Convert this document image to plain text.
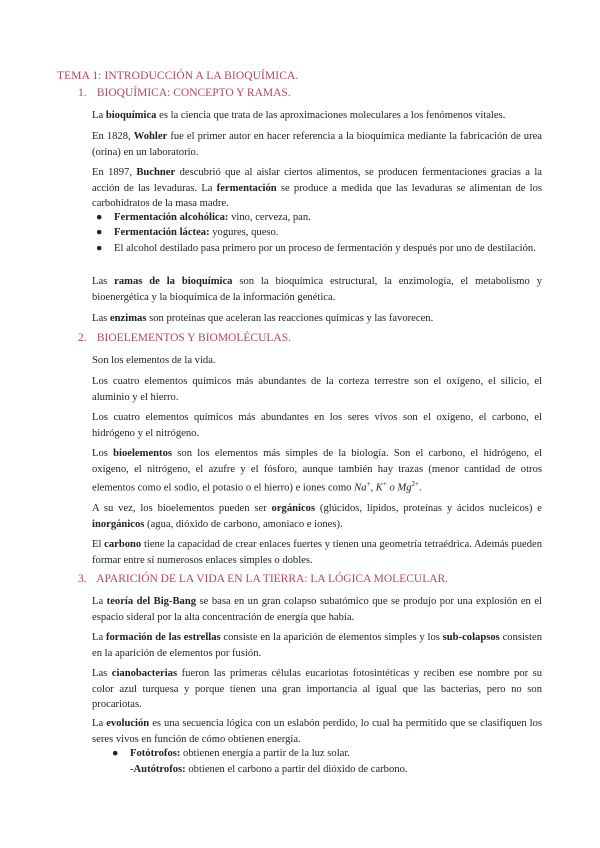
TEMA 1: INTRODUCCIÓN A LA BIOQUÍMICA.
1. BIOQUÍMICA: CONCEPTO Y RAMAS.
La bioquímica es la ciencia que trata de las aproximaciones moleculares a los fenómenos vitales.
En 1828, Wohler fue el primer autor en hacer referencia a la bioquímica mediante la fabricación de urea (orina) en un laboratorio.
En 1897, Buchner descubrió que al aislar ciertos alimentos, se producen fermentaciones gracias a la acción de las levaduras. La fermentación se produce a medida que las levaduras se alimentan de los carbohidratos de la masa madre.
● Fermentación alcohólica: vino, cerveza, pan.
● Fermentación láctea: yogures, queso.
● El alcohol destilado pasa primero por un proceso de fermentación y después por uno de destilación.
Las ramas de la bioquímica son la bioquímica estructural, la enzimología, el metabolismo y bioenergética y la bioquímica de la información genética.
Las enzimas son proteínas que aceleran las reacciones químicas y las favorecen.
2. BIOELEMENTOS Y BIOMOLÉCULAS.
Son los elementos de la vida.
Los cuatro elementos químicos más abundantes de la corteza terrestre son el oxígeno, el silicio, el aluminio y el hierro.
Los cuatro elementos químicos más abundantes en los seres vivos son el oxígeno, el carbono, el hidrógeno y el nitrógeno.
Los bioelementos son los elementos más simples de la biología. Son el carbono, el hidrógeno, el oxígeno, el nitrógeno, el azufre y el fósforo, aunque también hay trazas (menor cantidad de otros elementos como el sodio, el potasio o el hierro) e iones como Na+, K+ o $Mg^{2+}$.
A su vez, los bioelementos pueden ser orgánicos (glúcidos, lípidos, proteínas y ácidos nucleicos) e inorgánicos (agua, dióxido de carbono, amoniaco e iones).
El carbono tiene la capacidad de crear enlaces fuertes y tienen una geometría tetraédrica. Además pueden formar entre sí numerosos enlaces simples o dobles.
3. APARICIÓN DE LA VIDA EN LA TIERRA: LA LÓGICA MOLECULAR.
La teoría del Big-Bang se basa en un gran colapso subatómico que se produjo por una explosión en el espacio sideral por la alta concentración de energía que había.
La formación de las estrellas consiste en la aparición de elementos simples y los sub-colapsos consisten en la aparición de elementos por fusión.
Las cianobacterias fueron las primeras células eucariotas fotosintéticas y reciben ese nombre por su color azul turquesa y porque tienen una gran importancia al igual que las bacterias, pero no son procariotas.
La evolución es una secuencia lógica con un eslabón perdido, lo cual ha permitido que se clasifiquen los seres vivos en función de cómo obtienen energía.
● Fotótrofos: obtienen energía a partir de la luz solar.
-Autótrofos: obtienen el carbono a partir del dióxido de carbono.
